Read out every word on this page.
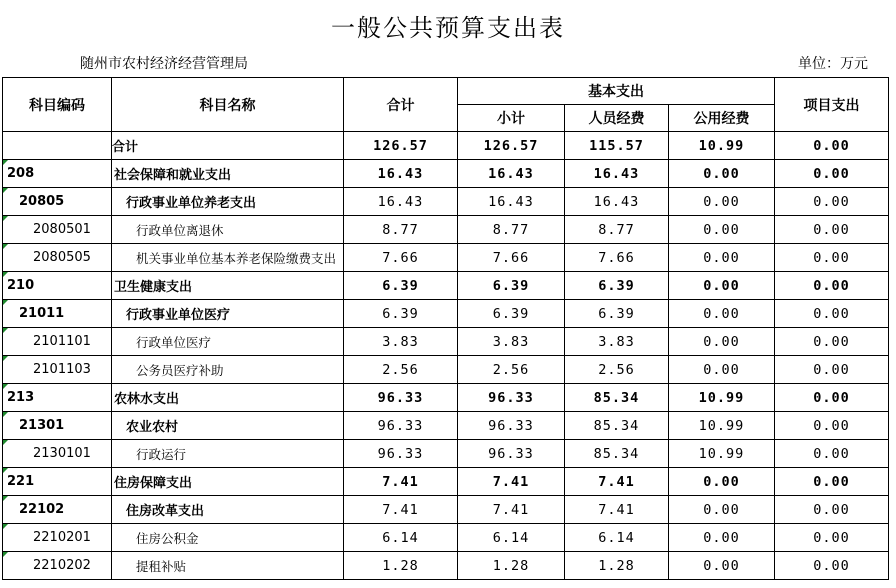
一般公共预算支出表
随州市农村经济经营管理局	单位：万元
科目编码	科目名称	合计	基本支出			项目支出
			小计	人员经费	公用经费	
	合计	126.57	126.57	115.57	10.99	0.00
208	社会保障和就业支出	16.43	16.43	16.43	0.00	0.00
20805	行政事业单位养老支出	16.43	16.43	16.43	0.00	0.00
2080501	行政单位离退休	8.77	8.77	8.77	0.00	0.00
2080505	机关事业单位基本养老保险缴费支出	7.66	7.66	7.66	0.00	0.00
210	卫生健康支出	6.39	6.39	6.39	0.00	0.00
21011	行政事业单位医疗	6.39	6.39	6.39	0.00	0.00
2101101	行政单位医疗	3.83	3.83	3.83	0.00	0.00
2101103	公务员医疗补助	2.56	2.56	2.56	0.00	0.00
213	农林水支出	96.33	96.33	85.34	10.99	0.00
21301	农业农村	96.33	96.33	85.34	10.99	0.00
2130101	行政运行	96.33	96.33	85.34	10.99	0.00
221	住房保障支出	7.41	7.41	7.41	0.00	0.00
22102	住房改革支出	7.41	7.41	7.41	0.00	0.00
2210201	住房公积金	6.14	6.14	6.14	0.00	0.00
2210202	提租补贴	1.28	1.28	1.28	0.00	0.00
